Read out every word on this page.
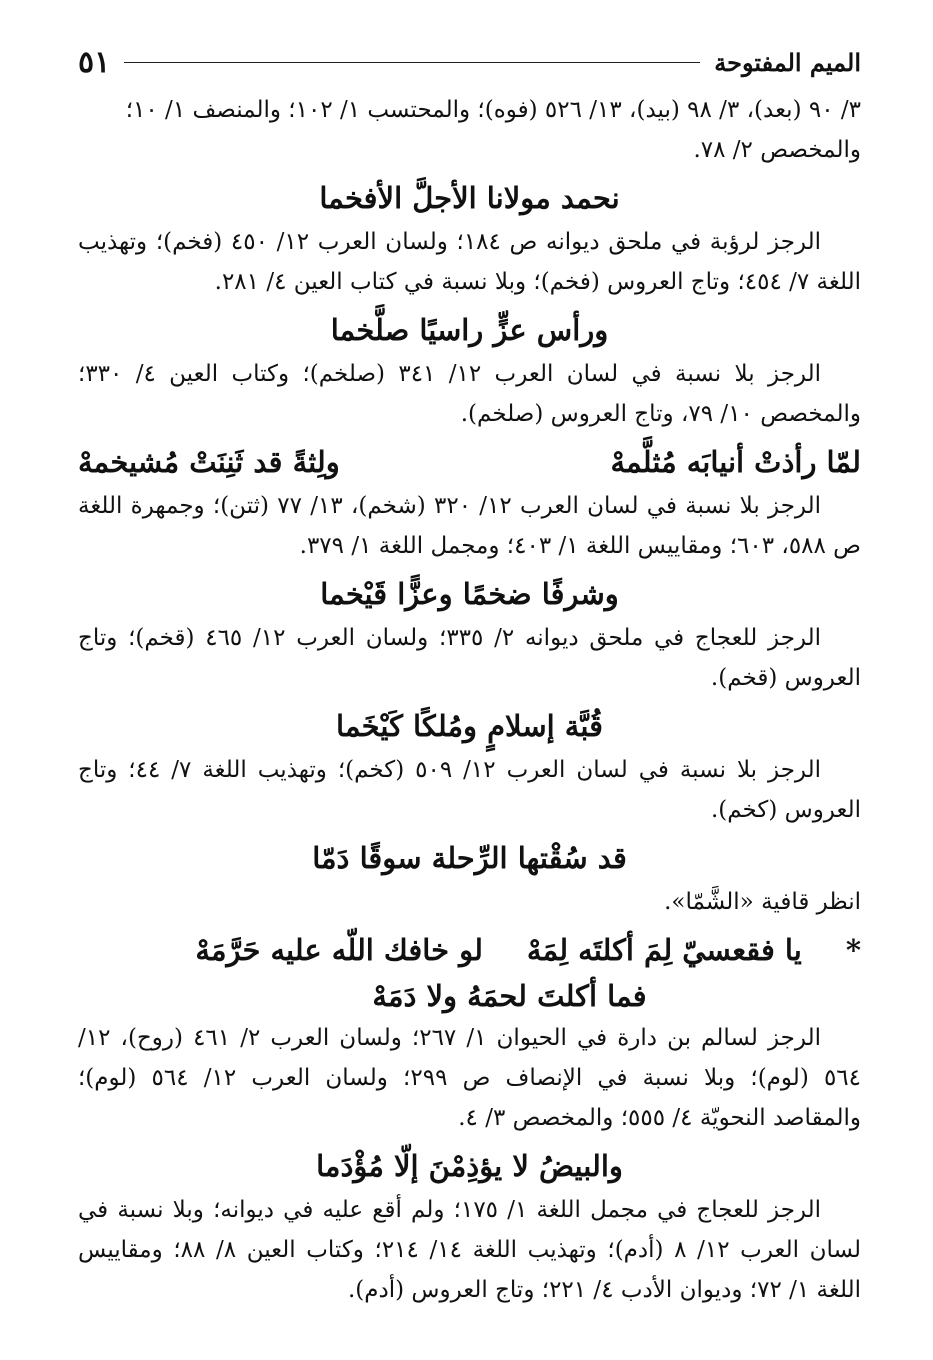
الميم المفتوحة
٥١

٣/ ٩٠ (بعد)، ٣/ ٩٨ (بيد)، ١٣/ ٥٢٦ (فوه)؛ والمحتسب ١/ ١٠٢؛ والمنصف ١/ ١٠؛

والمخصص ٢/ ٧٨.

نحمد مولانا الأجلَّ الأفخما

الرجز لرؤبة في ملحق ديوانه ص ١٨٤؛ ولسان العرب ١٢/ ٤٥٠ (فخم)؛ وتهذيب اللغة ٧/ ٤٥٤؛ وتاج العروس (فخم)؛ وبلا نسبة في كتاب العين ٤/ ٢٨١.

ورأس عزٍّ راسيًا صلَّخما

الرجز بلا نسبة في لسان العرب ١٢/ ٣٤١ (صلخم)؛ وكتاب العين ٤/ ٣٣٠؛ والمخصص ١٠/ ٧٩، وتاج العروس (صلخم).

لمّا رأذتْ أنيابَه مُثلَّمهْ
ولِثةً قد ثَنِنَتْ مُشيخمهْ

الرجز بلا نسبة في لسان العرب ١٢/ ٣٢٠ (شخم)، ١٣/ ٧٧ (ثتن)؛ وجمهرة اللغة ص ٥٨٨، ٦٠٣؛ ومقاييس اللغة ١/ ٤٠٣؛ ومجمل اللغة ١/ ٣٧٩.

وشرفًا ضخمًا وعزًّا قَيْخما

الرجز للعجاج في ملحق ديوانه ٢/ ٣٣٥؛ ولسان العرب ١٢/ ٤٦٥ (قخم)؛ وتاج العروس (قخم).

قُبَّة إسلامٍ ومُلكًا كَيْخَما

الرجز بلا نسبة في لسان العرب ١٢/ ٥٠٩ (كخم)؛ وتهذيب اللغة ٧/ ٤٤؛ وتاج العروس (كخم).

قد سُقْتها الرِّحلة سوقًا دَمّا

انظر قافية «الشَّمّا».

*
يا فقعسيّ لِمَ أكلتَه لِمَهْ
لو خافك اللّه عليه حَرَّمَهْ

فما أكلتَ لحمَهُ ولا دَمَهْ

الرجز لسالم بن دارة في الحيوان ١/ ٢٦٧؛ ولسان العرب ٢/ ٤٦١ (روح)، ١٢/ ٥٦٤ (لوم)؛ وبلا نسبة في الإنصاف ص ٢٩٩؛ ولسان العرب ١٢/ ٥٦٤ (لوم)؛ والمقاصد النحويّة ٤/ ٥٥٥؛ والمخصص ٣/ ٤.

والبيضُ لا يؤذِمْنَ إلّا مُؤْدَما

الرجز للعجاج في مجمل اللغة ١/ ١٧٥؛ ولم أقع عليه في ديوانه؛ وبلا نسبة في لسان العرب ١٢/ ٨ (أدم)؛ وتهذيب اللغة ١٤/ ٢١٤؛ وكتاب العين ٨/ ٨٨؛ ومقاييس اللغة ١/ ٧٢؛ وديوان الأدب ٤/ ٢٢١؛ وتاج العروس (أدم).
